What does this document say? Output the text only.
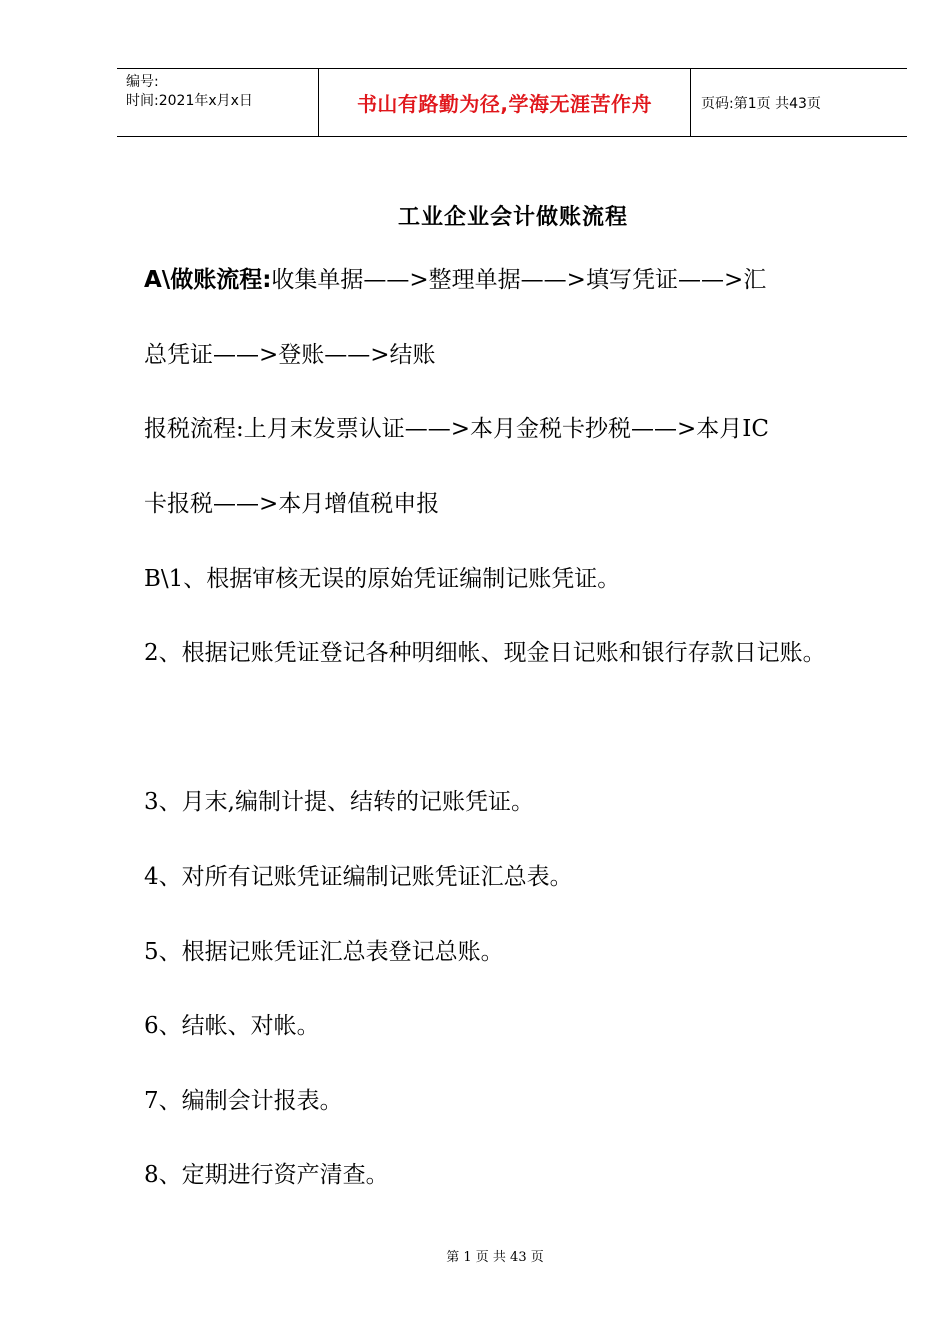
编号:
时间:2021年x月x日	书山有路勤为径,学海无涯苦作舟	页码:第1页 共43页
工业企业会计做账流程
A\做账流程:收集单据——>整理单据——>填写凭证——>汇
总凭证——>登账——>结账
报税流程:上月末发票认证——>本月金税卡抄税——>本月IC
卡报税——>本月增值税申报
B\1、根据审核无误的原始凭证编制记账凭证。
2、根据记账凭证登记各种明细帐、现金日记账和银行存款日记账。
3、月末,编制计提、结转的记账凭证。
4、对所有记账凭证编制记账凭证汇总表。
5、根据记账凭证汇总表登记总账。
6、结帐、对帐。
7、编制会计报表。
8、定期进行资产清查。
第 1 页 共 43 页
